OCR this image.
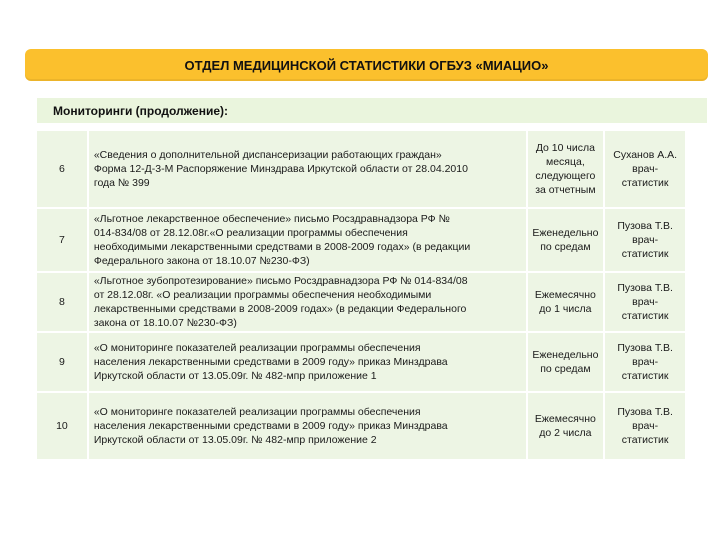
ОТДЕЛ МЕДИЦИНСКОЙ СТАТИСТИКИ ОГБУЗ «МИАЦИО»
Мониторинги (продолжение):
6
«Сведения о дополнительной диспансеризации работающих граждан»
Форма 12-Д-3-М Распоряжение Минздрава Иркутской области от 28.04.2010
года № 399
До 10 числа
месяца,
следующего
за отчетным
Суханов А.А.
врач-
статистик
7
«Льготное лекарственное обеспечение» письмо Росздравнадзора РФ №
014-834/08 от 28.12.08г.«О реализации программы обеспечения
необходимыми лекарственными средствами в 2008-2009 годах» (в редакции
Федерального закона от 18.10.07 №230-ФЗ)
Еженедельно
по средам
Пузова Т.В.
врач-
статистик
8
«Льготное зубопротезирование» письмо Росздравнадзора РФ № 014-834/08
от 28.12.08г. «О реализации программы обеспечения необходимыми
лекарственными средствами в 2008-2009 годах» (в редакции Федерального
закона от 18.10.07 №230-ФЗ)
Ежемесячно
до 1 числа
Пузова Т.В.
врач-
статистик
9
«О мониторинге показателей реализации программы обеспечения
населения лекарственными средствами в 2009 году» приказ Минздрава
Иркутской области от 13.05.09г. № 482-мпр приложение 1
Еженедельно
по средам
Пузова Т.В.
врач-
статистик
10
«О мониторинге показателей реализации программы обеспечения
населения лекарственными средствами в 2009 году» приказ Минздрава
Иркутской области от 13.05.09г. № 482-мпр приложение 2
Ежемесячно
до 2 числа
Пузова Т.В.
врач-
статистик
